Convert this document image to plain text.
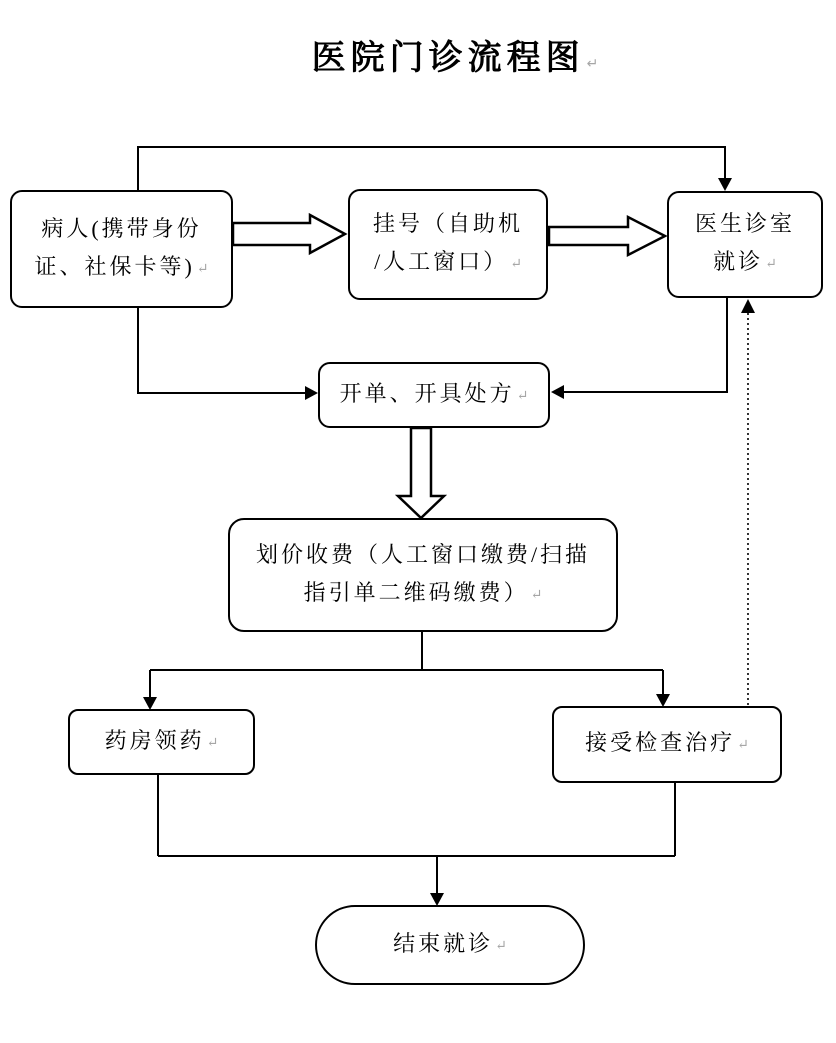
医院门诊流程图 ↵
病人(携带身份
证、社保卡等) ↵
挂号（自助机
/人工窗口） ↵
医生诊室
就诊 ↵
开单、开具处方 ↵
划价收费（人工窗口缴费/扫描
指引单二维码缴费） ↵
药房领药 ↵	接受检查治疗 ↵
结束就诊 ↵
